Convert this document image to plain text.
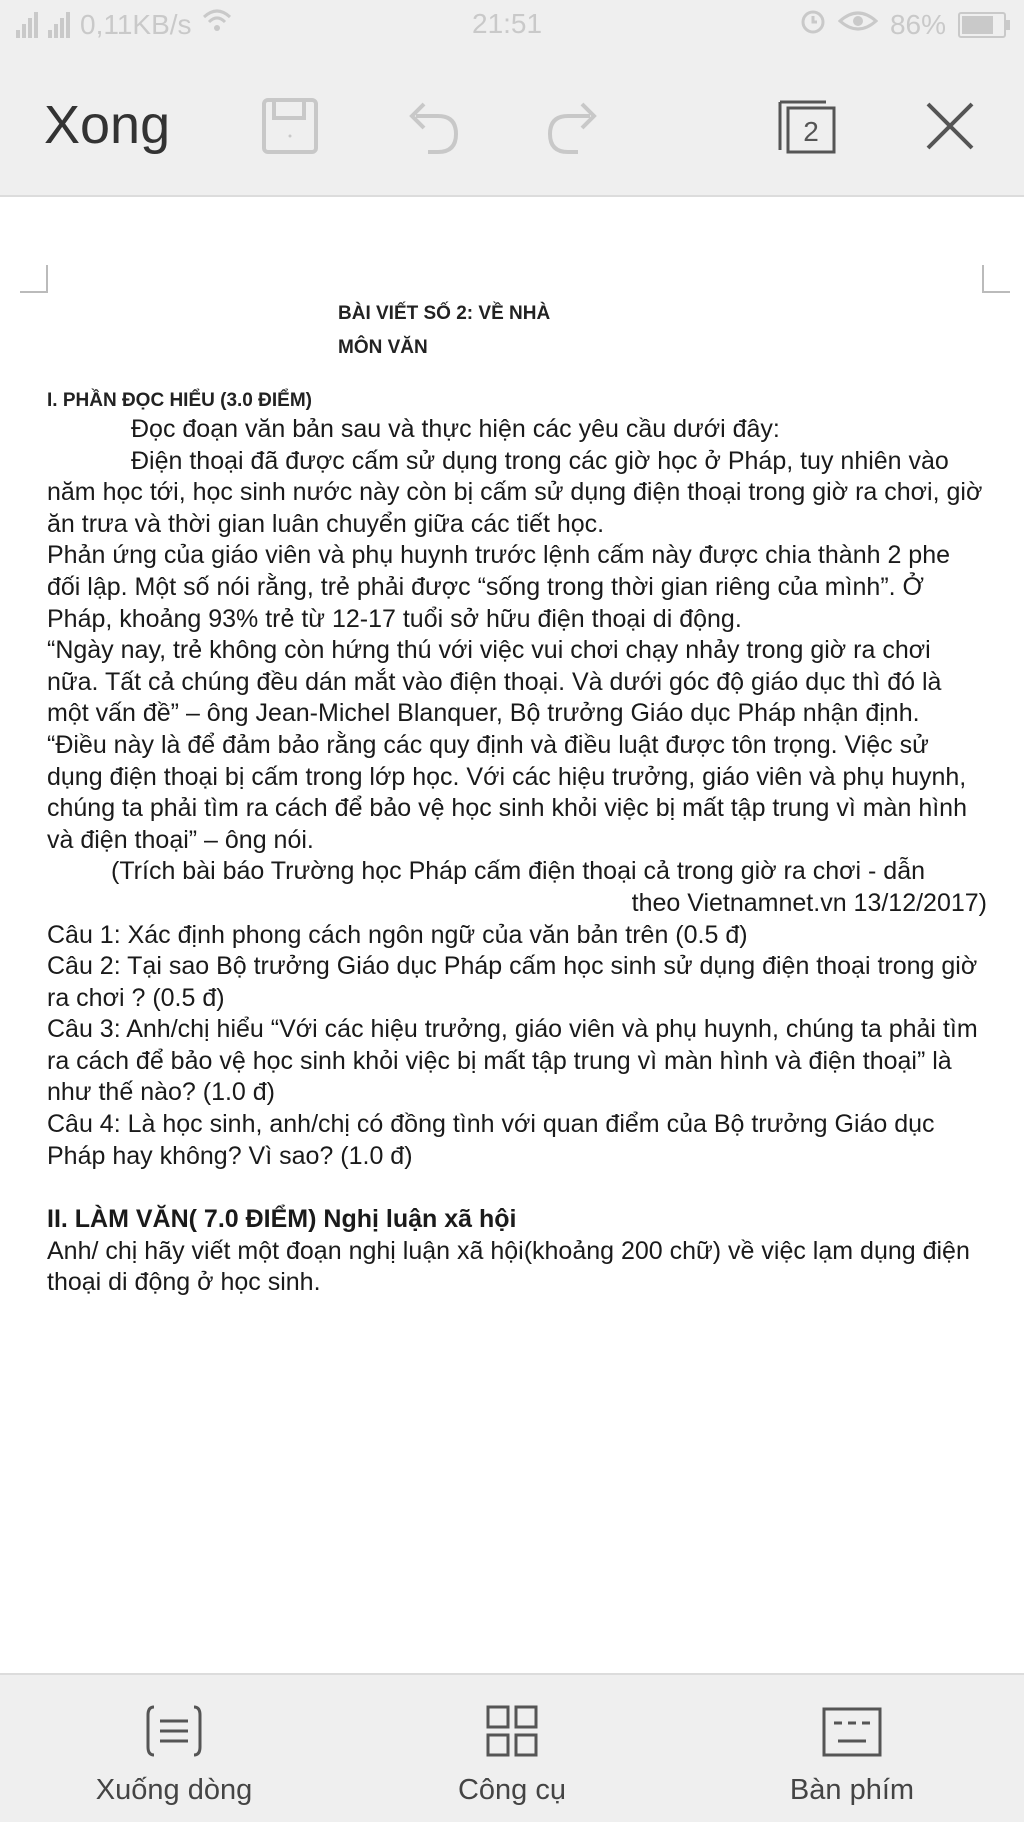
0,11KB/s	21:51	86%
Xong	2
BÀI VIẾT SỐ 2: VỀ NHÀ
MÔN VĂN
I. PHẦN ĐỌC HIỂU (3.0 ĐIỂM)

Đọc đoạn văn bản sau và thực hiện các yêu cầu dưới đây:

Điện thoại đã được cấm sử dụng trong các giờ học ở Pháp, tuy nhiên vào năm học tới, học sinh nước này còn bị cấm sử dụng điện thoại trong giờ ra chơi, giờ ăn trưa và thời gian luân chuyển giữa các tiết học.

Phản ứng của giáo viên và phụ huynh trước lệnh cấm này được chia thành 2 phe đối lập. Một số nói rằng, trẻ phải được “sống trong thời gian riêng của mình”. Ở Pháp, khoảng 93% trẻ từ 12-17 tuổi sở hữu điện thoại di động.

“Ngày nay, trẻ không còn hứng thú với việc vui chơi chạy nhảy trong giờ ra chơi nữa. Tất cả chúng đều dán mắt vào điện thoại. Và dưới góc độ giáo dục thì đó là một vấn đề” – ông Jean-Michel Blanquer, Bộ trưởng Giáo dục Pháp nhận định.

“Điều này là để đảm bảo rằng các quy định và điều luật được tôn trọng. Việc sử dụng điện thoại bị cấm trong lớp học. Với các hiệu trưởng, giáo viên và phụ huynh, chúng ta phải tìm ra cách để bảo vệ học sinh khỏi việc bị mất tập trung vì màn hình và điện thoại” – ông nói.

(Trích bài báo Trường học Pháp cấm điện thoại cả trong giờ ra chơi - dẫn

theo Vietnamnet.vn 13/12/2017)

Câu 1: Xác định phong cách ngôn ngữ của văn bản trên (0.5 đ)

Câu 2: Tại sao Bộ trưởng Giáo dục Pháp cấm học sinh sử dụng điện thoại trong giờ ra chơi ? (0.5 đ)

Câu 3: Anh/chị hiểu “Với các hiệu trưởng, giáo viên và phụ huynh, chúng ta phải tìm ra cách để bảo vệ học sinh khỏi việc bị mất tập trung vì màn hình và điện thoại” là như thế nào? (1.0 đ)

Câu 4: Là học sinh, anh/chị có đồng tình với quan điểm của Bộ trưởng Giáo dục Pháp hay không? Vì sao? (1.0 đ)

II. LÀM VĂN( 7.0 ĐIỂM) Nghị luận xã hội

Anh/ chị hãy viết một đoạn nghị luận xã hội(khoảng 200 chữ) về việc lạm dụng điện thoại di động ở học sinh.

Xuống dòng	Công cụ	Bàn phím
